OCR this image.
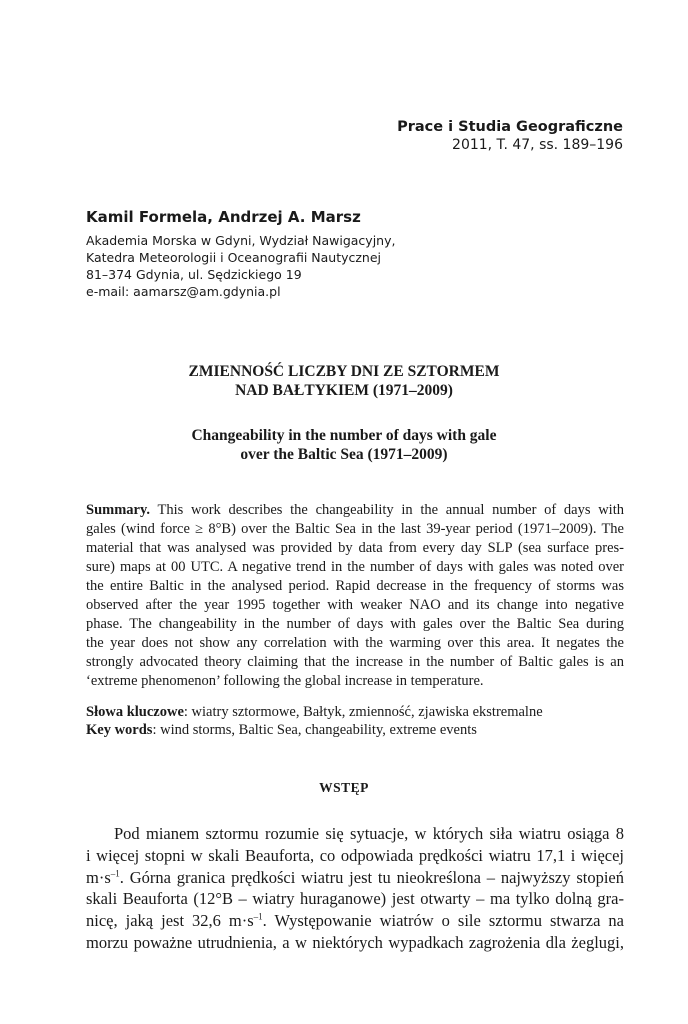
Prace i Studia Geograficzne
2011, T. 47, ss. 189–196
Kamil Formela, Andrzej A. Marsz
Akademia Morska w Gdyni, Wydział Nawigacyjny,
Katedra Meteorologii i Oceanografii Nautycznej
81–374 Gdynia, ul. Sędzickiego 19
e-mail: aamarsz@am.gdynia.pl
ZMIENNOŚĆ LICZBY DNI ZE SZTORMEM
NAD BAŁTYKIEM (1971–2009)
Changeability in the number of days with gale
over the Baltic Sea (1971–2009)
Summary. This work describes the changeability in the annual number of days with
gales (wind force ≥ 8°B) over the Baltic Sea in the last 39-year period (1971–2009). The
material that was analysed was provided by data from every day SLP (sea surface pres-
sure) maps at 00 UTC. A negative trend in the number of days with gales was noted over
the entire Baltic in the analysed period. Rapid decrease in the frequency of storms was
observed after the year 1995 together with weaker NAO and its change into negative
phase. The changeability in the number of days with gales over the Baltic Sea during
the year does not show any correlation with the warming over this area. It negates the
strongly advocated theory claiming that the increase in the number of Baltic gales is an
‘extreme phenomenon’ following the global increase in temperature.
Słowa kluczowe: wiatry sztormowe, Bałtyk, zmienność, zjawiska ekstremalne
Key words: wind storms, Baltic Sea, changeability, extreme events
WSTĘP
Pod mianem sztormu rozumie się sytuacje, w których siła wiatru osiąga 8
i więcej stopni w skali Beauforta, co odpowiada prędkości wiatru 17,1 i więcej
$m\cdot s^{-1}$. Górna granica prędkości wiatru jest tu nieokreślona – najwyższy stopień
skali Beauforta (12°B – wiatry huraganowe) jest otwarty – ma tylko dolną gra-
nicę, jaką jest 32,6 $m\cdot s^{-1}$. Występowanie wiatrów o sile sztormu stwarza na
morzu poważne utrudnienia, a w niektórych wypadkach zagrożenia dla żeglugi,
